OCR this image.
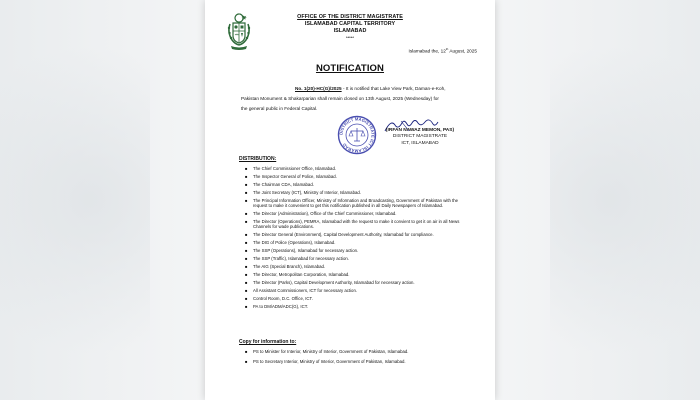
OFFICE OF THE DISTRICT MAGISTRATE
ISLAMABAD CAPITAL TERRITORY
ISLAMABAD
*****
Islamabad the, 12th August, 2025
NOTIFICATION
No. 1(20)-HC(G)/2025 - It is notified that Lake View Park, Daman-e-Koh,
Pakistan Monument & Shakarparian shall remain closed on 13th August, 2025 (Wednesday) for
the general public in Federal Capital.
DISTRICT MAGISTRATE ICT ISLAMABAD
(IRFAN NAWAZ MEMON, PAS)
DISTRICT MAGISTRATE
ICT, ISLAMABAD
DISTRIBUTION:
■ The Chief Commissioner Office, Islamabad.
■ The Inspector General of Police, Islamabad.
■ The Chairman CDA, Islamabad.
■ The Joint Secretary (ICT), Ministry of Interior, Islamabad.
■ The Principal Information Officer, Ministry of Information and Broadcasting, Government of Pakistan with the request to make it convenient to get this notification published in all Daily Newspapers of Islamabad.
■ The Director (Administration), Office of the Chief Commissioner, Islamabad.
■ The Director (Operations), PEMRA, Islamabad with the request to make it convient to get it on air in all News Channels for wade publications.
■ The Director General (Environment), Capital Development Authority, Islamabad for compliance.
■ The DIG of Police (Operations), Islamabad.
■ The SSP (Operations), Islamabad for necessary action.
■ The SSP (Traffic), Islamabad for necessary action.
■ The AIG (Special Branch), Islamabad.
■ The Director, Metropolitan Corporation, Islamabad.
■ The Director (Parks), Capital Development Authority, Islamabad for necessary action.
■ All Assistant Commissioners, ICT for necessary action.
■ Control Room, D.C. Office, ICT.
■ PA to DM/ADM/ADC(G), ICT.
Copy for information to:
■ PS to Minister for Interior, Ministry of Interior, Government of Pakistan, Islamabad.
■ PS to Secretary Interior, Ministry of Interior, Government of Pakistan, Islamabad.
